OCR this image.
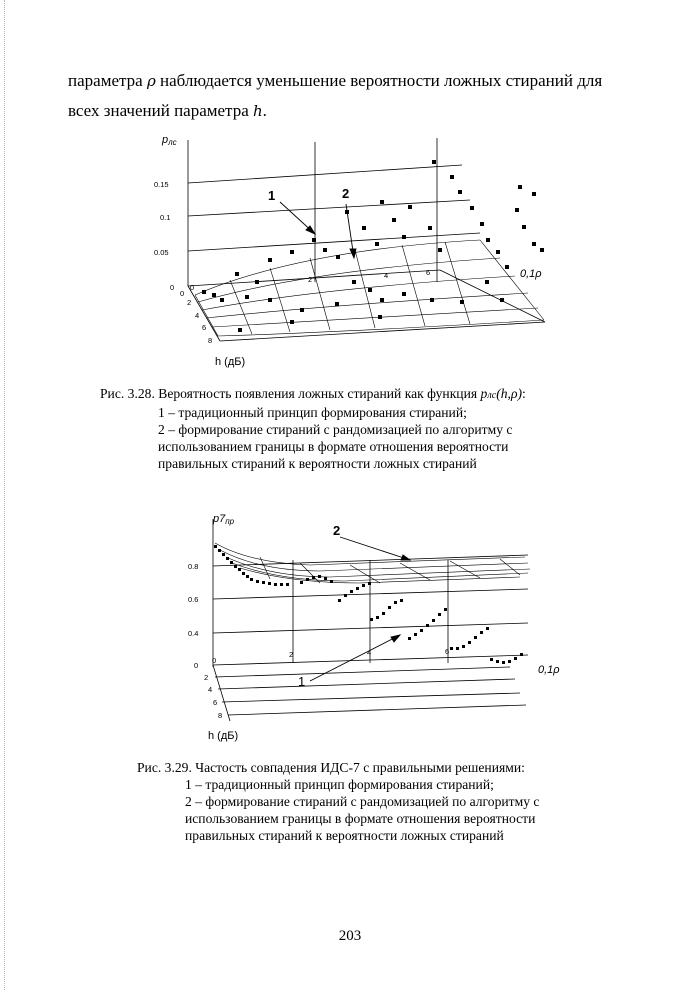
параметра ρ наблюдается уменьшение вероятности ложных стираний для
всех значений параметра h.
pлс
0.15
0.1
0.05
0 0
2	4	6
0
2
4
6
8
0,1ρ
h (дБ)
1	2
Рис. 3.28. Вероятность появления ложных стираний как функция pлс(h,ρ):
1 – традиционный принцип формирования стираний;
2 – формирование стираний с рандомизацией по алгоритму с
использованием границы в формате отношения вероятности
правильных стираний к вероятности ложных стираний
p7пр
0.8
0.6
0.4
0
0
2	4	6
2
4
6
8
0,1ρ
h (дБ)
2
1
Рис. 3.29. Частость совпадения ИДС-7 с правильными решениями:
1 – традиционный принцип формирования стираний;
2 – формирование стираний с рандомизацией по алгоритму с
использованием границы в формате отношения вероятности
правильных стираний к вероятности ложных стираний
203
